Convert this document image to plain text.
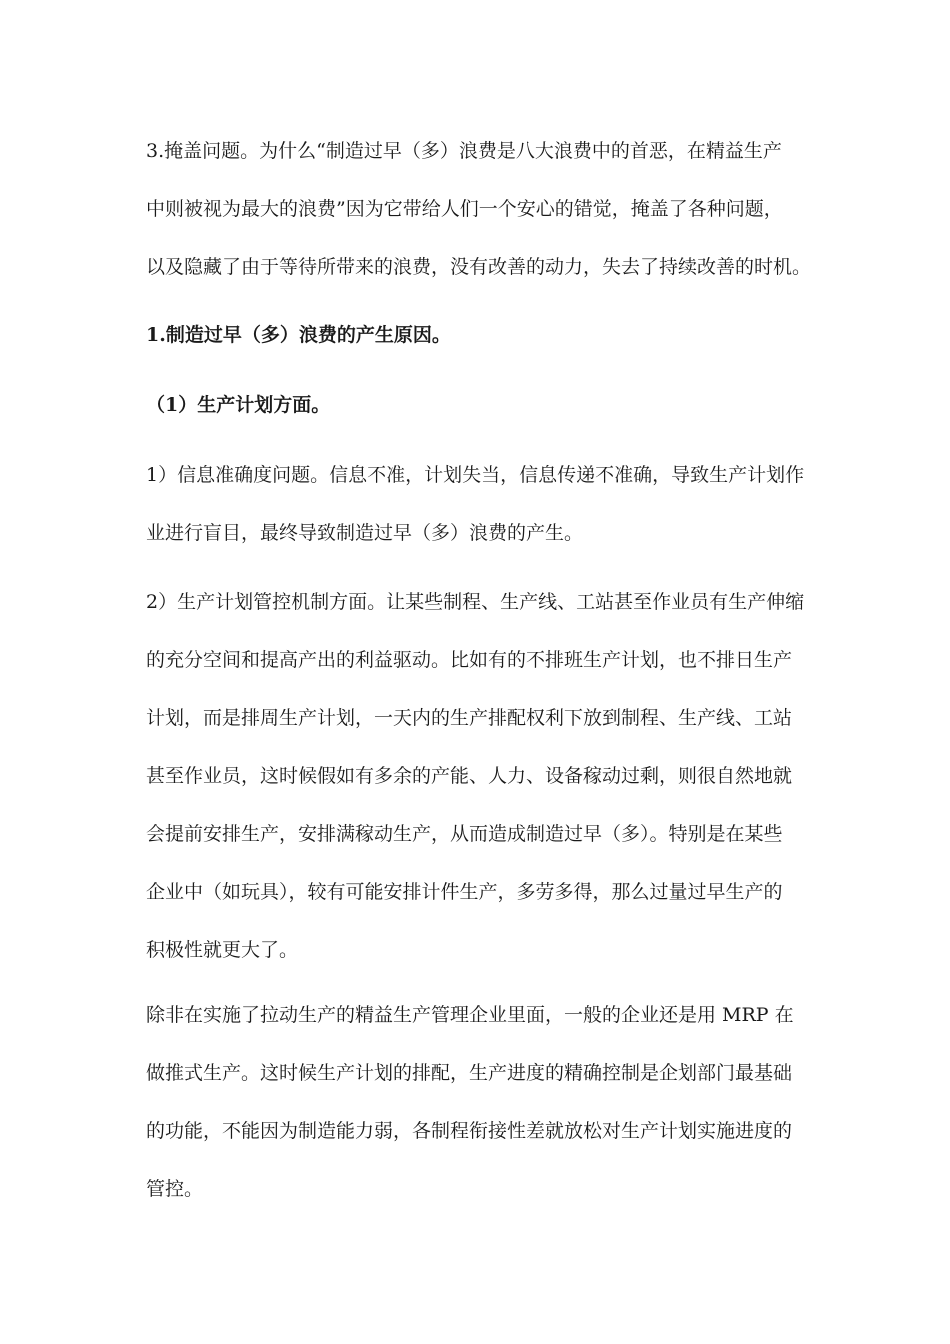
3.掩盖问题。为什么“制造过早（多）浪费是八大浪费中的首恶，在精益生产
中则被视为最大的浪费”因为它带给人们一个安心的错觉，掩盖了各种问题，
以及隐藏了由于等待所带来的浪费，没有改善的动力，失去了持续改善的时机。
1.制造过早（多）浪费的产生原因。
（1）生产计划方面。
1）信息准确度问题。信息不准，计划失当，信息传递不准确，导致生产计划作
业进行盲目，最终导致制造过早（多）浪费的产生。
2）生产计划管控机制方面。让某些制程、生产线、工站甚至作业员有生产伸缩
的充分空间和提高产出的利益驱动。比如有的不排班生产计划，也不排日生产
计划，而是排周生产计划，一天内的生产排配权利下放到制程、生产线、工站
甚至作业员，这时候假如有多余的产能、人力、设备稼动过剩，则很自然地就
会提前安排生产，安排满稼动生产，从而造成制造过早（多）。特别是在某些
企业中（如玩具），较有可能安排计件生产，多劳多得，那么过量过早生产的
积极性就更大了。
除非在实施了拉动生产的精益生产管理企业里面，一般的企业还是用 MRP 在
做推式生产。这时候生产计划的排配，生产进度的精确控制是企划部门最基础
的功能，不能因为制造能力弱，各制程衔接性差就放松对生产计划实施进度的
管控。
